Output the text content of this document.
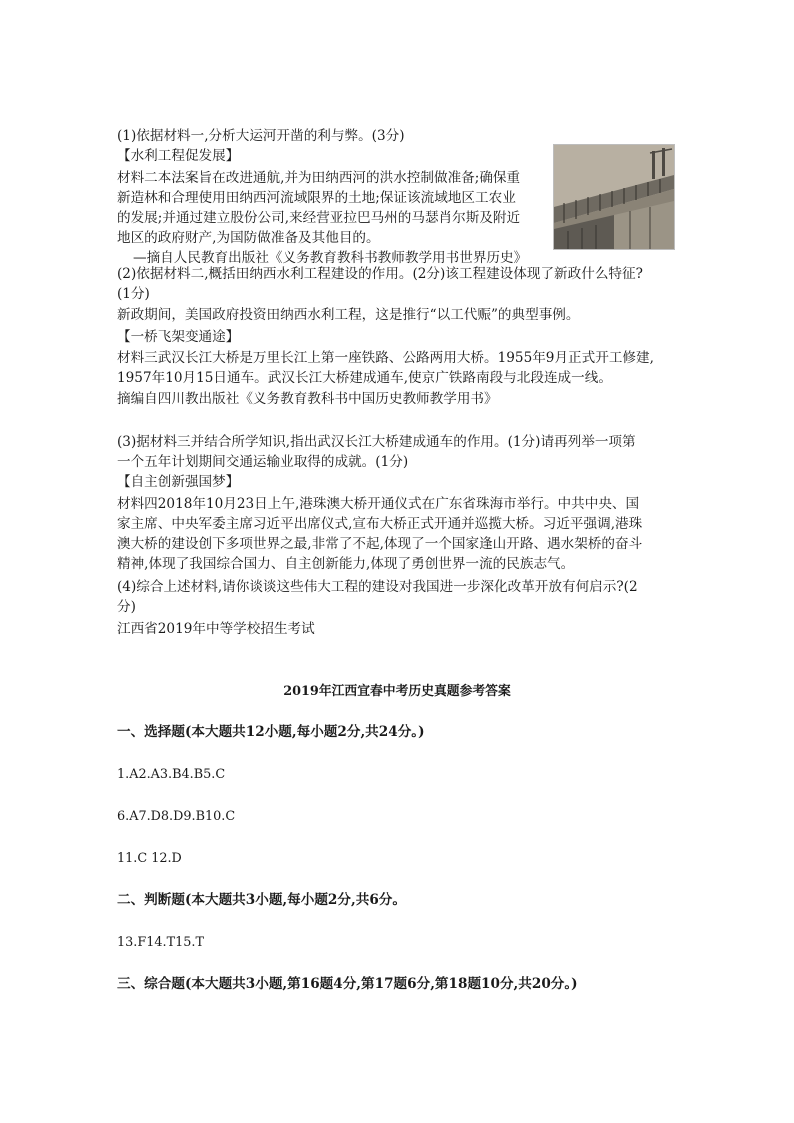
(1)依据材料一,分析大运河开凿的利与弊。(3分)
【水利工程促发展】
材料二本法案旨在改进通航,并为田纳西河的洪水控制做准备;确保重
新造林和合理使用田纳西河流域限界的土地;保证该流域地区工农业
的发展;并通过建立股份公司,来经营亚拉巴马州的马瑟肖尔斯及附近
地区的政府财产,为国防做准备及其他目的。
—摘自人民教育出版社《义务教育教科书教师教学用书世界历史》
(2)依据材料二,概括田纳西水利工程建设的作用。(2分)该工程建设体现了新政什么特征?
(1分)
新政期间，美国政府投资田纳西水利工程，这是推行“以工代赈”的典型事例。
【一桥飞架变通途】
材料三武汉长江大桥是万里长江上第一座铁路、公路两用大桥。1955年9月正式开工修建,
1957年10月15日通车。武汉长江大桥建成通车,使京广铁路南段与北段连成一线。
摘编自四川教出版社《义务教育教科书中国历史教师教学用书》
(3)据材料三并结合所学知识,指出武汉长江大桥建成通车的作用。(1分)请再列举一项第
一个五年计划期间交通运输业取得的成就。(1分)
【自主创新强国梦】
材料四2018年10月23日上午,港珠澳大桥开通仪式在广东省珠海市举行。中共中央、国
家主席、中央军委主席习近平出席仪式,宣布大桥正式开通并巡揽大桥。习近平强调,港珠
澳大桥的建设创下多项世界之最,非常了不起,体现了一个国家逢山开路、遇水架桥的奋斗
精神,体现了我国综合国力、自主创新能力,体现了勇创世界一流的民族志气。
(4)综合上述材料,请你谈谈这些伟大工程的建设对我国进一步深化改革开放有何启示?(2
分)
江西省2019年中等学校招生考试
2019年江西宜春中考历史真题参考答案
一、选择题(本大题共12小题,每小题2分,共24分。)
1.A2.A3.B4.B5.C
6.A7.D8.D9.B10.C
11.C 12.D
二、判断题(本大题共3小题,每小题2分,共6分。
13.F14.T15.T
三、综合题(本大题共3小题,第16题4分,第17题6分,第18题10分,共20分。)
